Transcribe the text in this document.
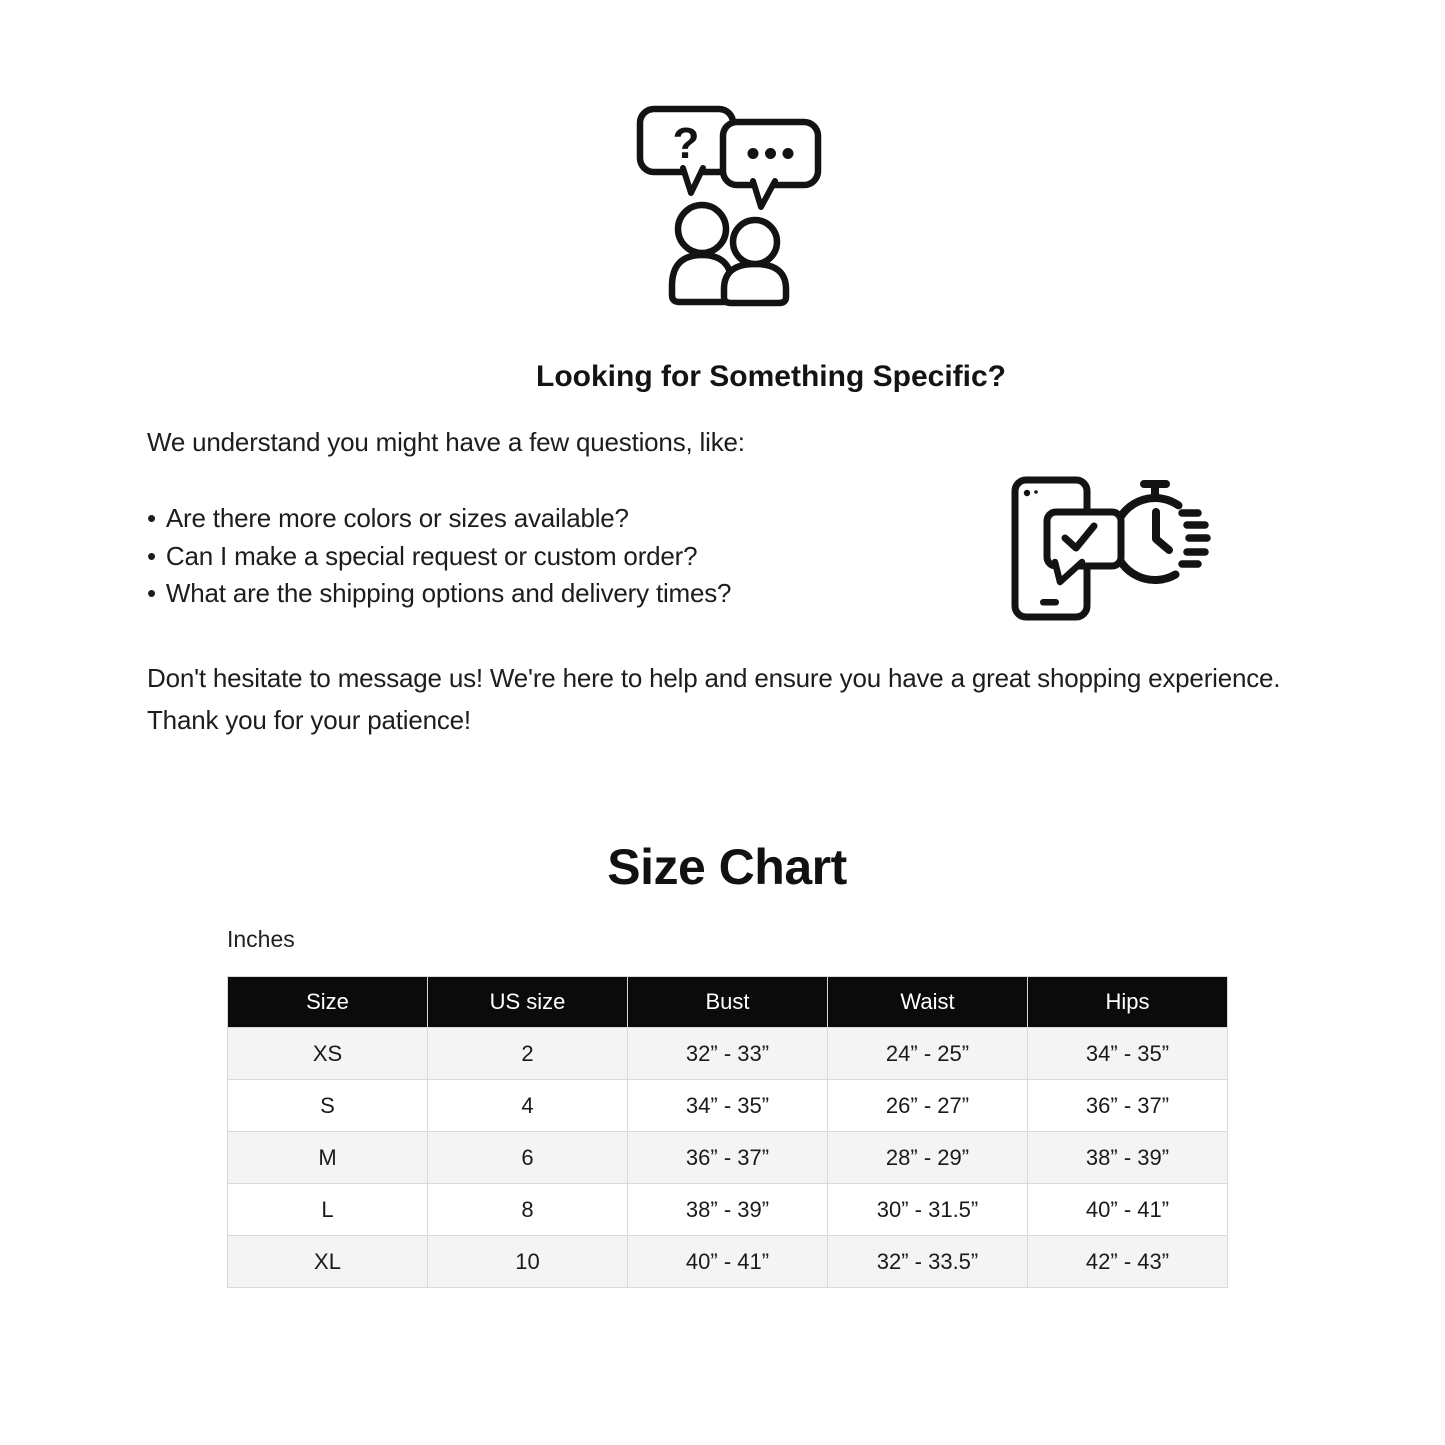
?
Looking for Something Specific?
We understand you might have a few questions, like:
• Are there more colors or sizes available?
• Can I make a special request or custom order?
• What are the shipping options and delivery times?
Don't hesitate to message us! We're here to help and ensure you have a great shopping experience. Thank you for your patience!
Size Chart
Inches
Size	US size	Bust	Waist	Hips
XS	2	32” - 33”	24” - 25”	34” - 35”
S	4	34” - 35”	26” - 27”	36” - 37”
M	6	36” - 37”	28” - 29”	38” - 39”
L	8	38” - 39”	30” - 31.5”	40” - 41”
XL	10	40” - 41”	32” - 33.5”	42” - 43”
